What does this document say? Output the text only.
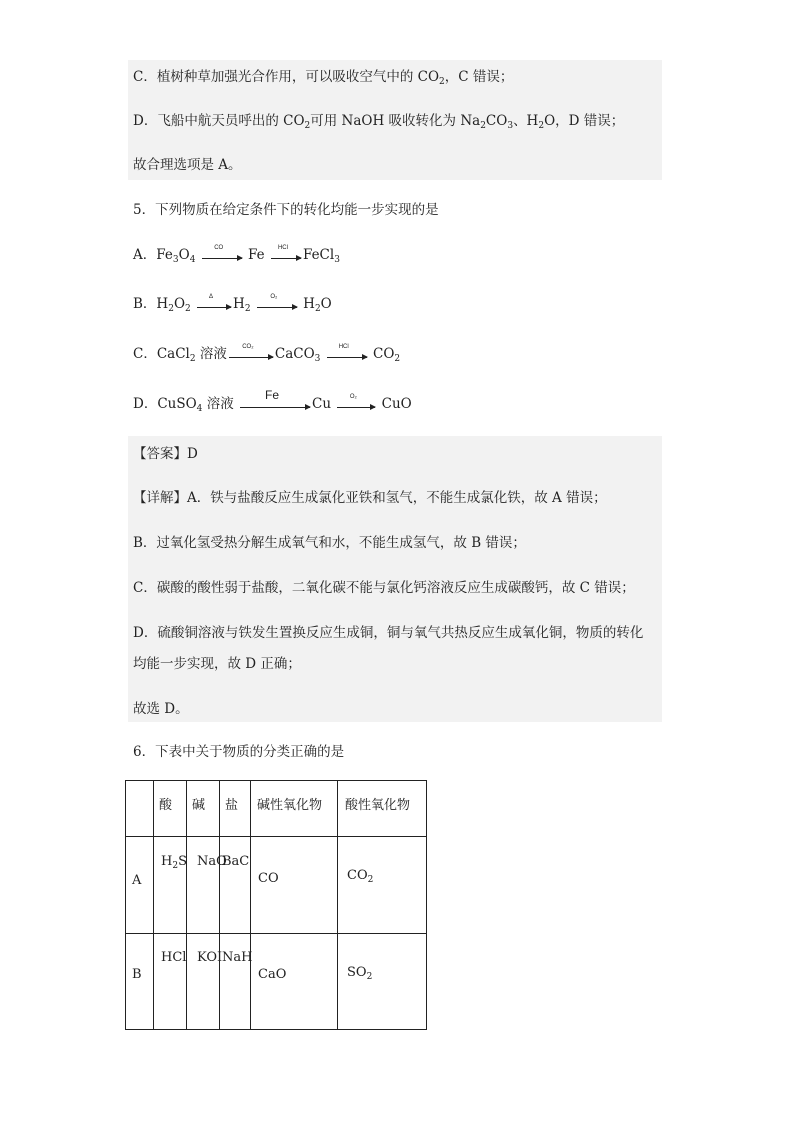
C．植树种草加强光合作用，可以吸收空气中的 $CO_2$，C 错误；
D．飞船中航天员呼出的 $CO_2$可用 NaOH 吸收转化为 $Na_2CO_3$、$H_2O$，D 错误；
故合理选项是 A。
5．下列物质在给定条件下的转化均能一步实现的是
A．$Fe_3O_4$
CO	Fe	HCl	FeCl$_3$
B．$H_2O_2$
Δ	$H_2$
O₂	$H_2O$
C．CaCl$_2$ 溶液	CO₂	CaCO$_3$
HCl	$CO_2$
D．CuSO$_4$ 溶液
Fe
Cu	O₂	CuO
【答案】D
【详解】A．铁与盐酸反应生成氯化亚铁和氢气，不能生成氯化铁，故 A 错误；
B．过氧化氢受热分解生成氧气和水，不能生成氢气，故 B 错误；
C．碳酸的酸性弱于盐酸，二氧化碳不能与氯化钙溶液反应生成碳酸钙，故 C 错误；
D．硫酸铜溶液与铁发生置换反应生成铜，铜与氧气共热反应生成氧化铜，物质的转化
均能一步实现，故 D 正确；
故选 D。
6．下表中关于物质的分类正确的是

	酸	碱	盐	碱性氧化物	酸性氧化物

A	$H_2S$	NaO	BaC	CO	$CO_2$

B	HCl	KOI	NaH	CaO	$SO_2$
